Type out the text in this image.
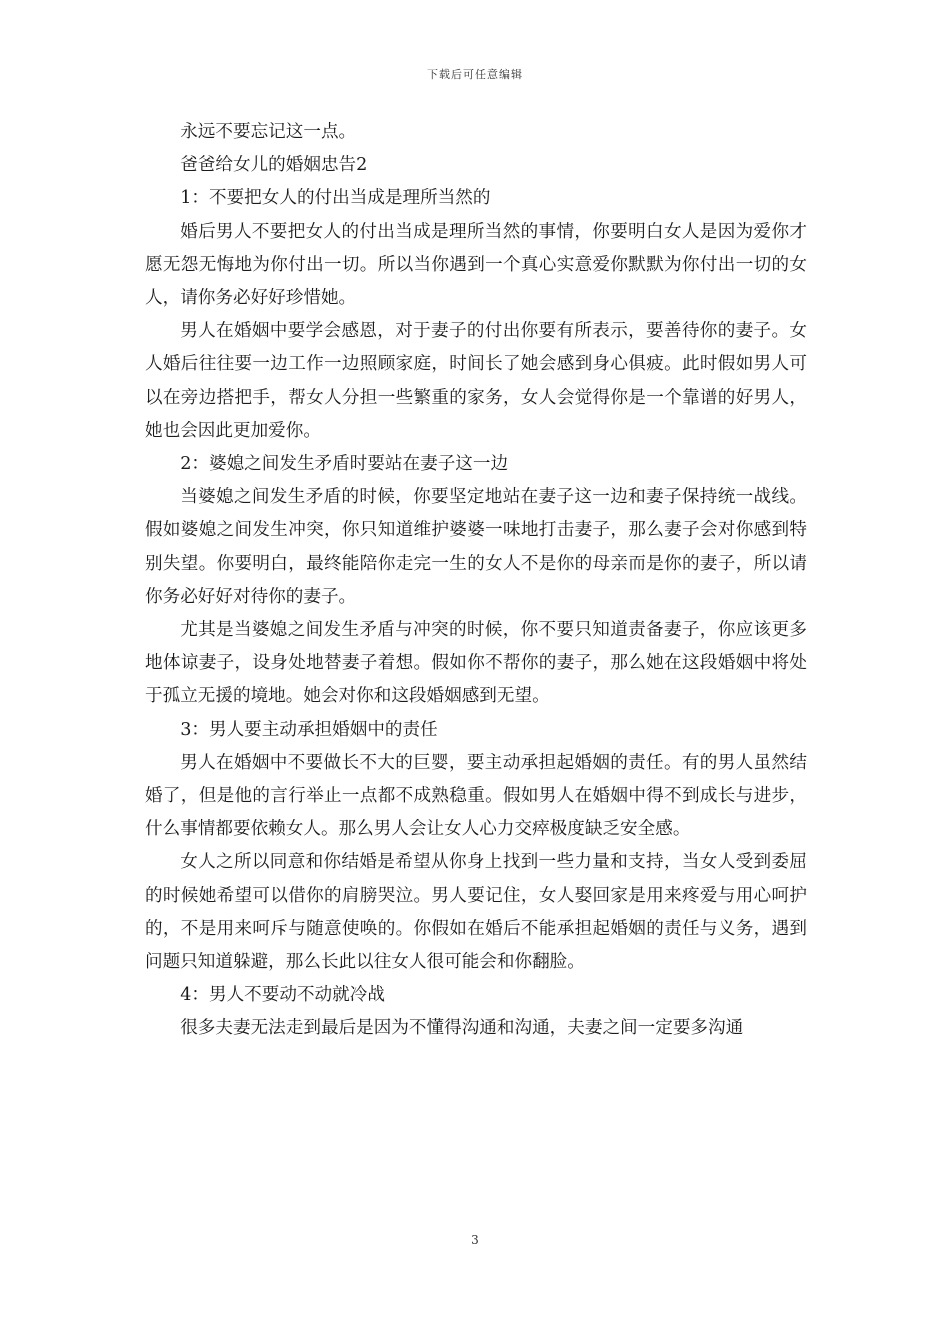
下载后可任意编辑

永远不要忘记这一点。

爸爸给女儿的婚姻忠告2

1：不要把女人的付出当成是理所当然的

婚后男人不要把女人的付出当成是理所当然的事情，你要明白女人是因为爱你才愿无怨无悔地为你付出一切。所以当你遇到一个真心实意爱你默默为你付出一切的女人，请你务必好好珍惜她。

男人在婚姻中要学会感恩，对于妻子的付出你要有所表示，要善待你的妻子。女人婚后往往要一边工作一边照顾家庭，时间长了她会感到身心俱疲。此时假如男人可以在旁边搭把手，帮女人分担一些繁重的家务，女人会觉得你是一个靠谱的好男人，她也会因此更加爱你。

2：婆媳之间发生矛盾时要站在妻子这一边

当婆媳之间发生矛盾的时候，你要坚定地站在妻子这一边和妻子保持统一战线。假如婆媳之间发生冲突，你只知道维护婆婆一味地打击妻子，那么妻子会对你感到特别失望。你要明白，最终能陪你走完一生的女人不是你的母亲而是你的妻子，所以请你务必好好对待你的妻子。

尤其是当婆媳之间发生矛盾与冲突的时候，你不要只知道责备妻子，你应该更多地体谅妻子，设身处地替妻子着想。假如你不帮你的妻子，那么她在这段婚姻中将处于孤立无援的境地。她会对你和这段婚姻感到无望。

3：男人要主动承担婚姻中的责任

男人在婚姻中不要做长不大的巨婴，要主动承担起婚姻的责任。有的男人虽然结婚了，但是他的言行举止一点都不成熟稳重。假如男人在婚姻中得不到成长与进步，什么事情都要依赖女人。那么男人会让女人心力交瘁极度缺乏安全感。

女人之所以同意和你结婚是希望从你身上找到一些力量和支持，当女人受到委屈的时候她希望可以借你的肩膀哭泣。男人要记住，女人娶回家是用来疼爱与用心呵护的，不是用来呵斥与随意使唤的。你假如在婚后不能承担起婚姻的责任与义务，遇到问题只知道躲避，那么长此以往女人很可能会和你翻脸。

4：男人不要动不动就冷战

很多夫妻无法走到最后是因为不懂得沟通和沟通，夫妻之间一定要多沟通

3
